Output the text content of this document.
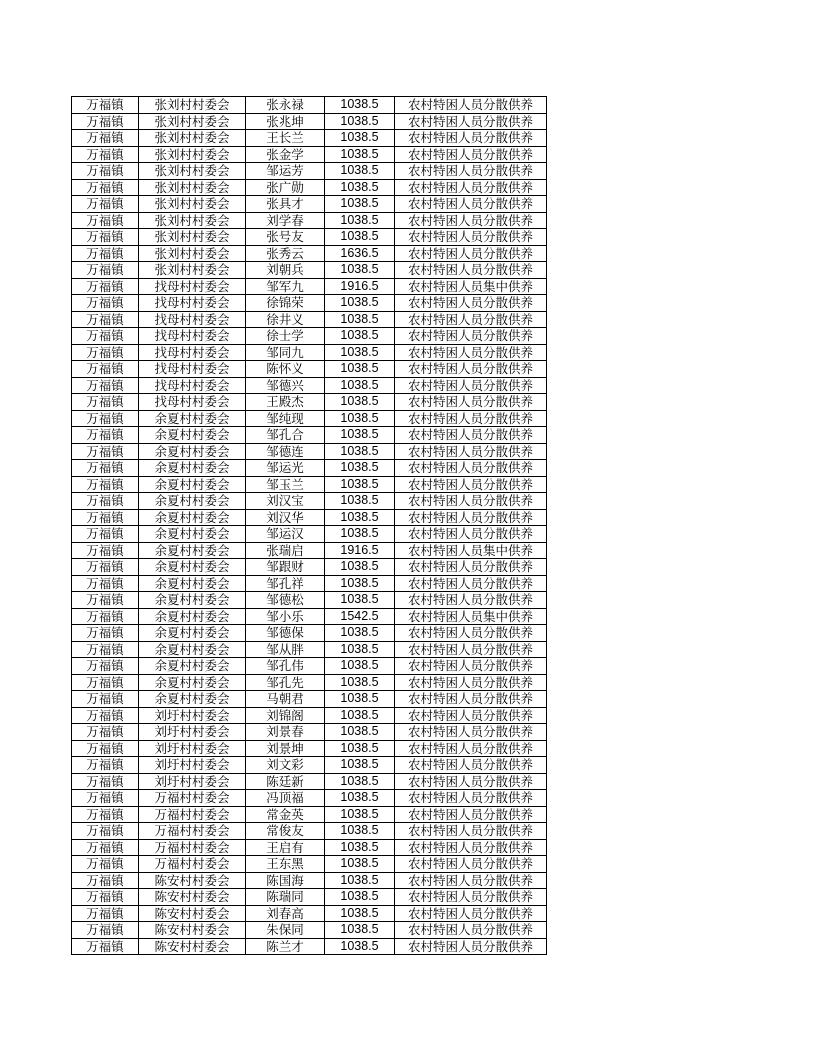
万福镇	张刘村村委会	张永禄	1038.5	农村特困人员分散供养
万福镇	张刘村村委会	张兆坤	1038.5	农村特困人员分散供养
万福镇	张刘村村委会	王长兰	1038.5	农村特困人员分散供养
万福镇	张刘村村委会	张金学	1038.5	农村特困人员分散供养
万福镇	张刘村村委会	邹运芳	1038.5	农村特困人员分散供养
万福镇	张刘村村委会	张广勋	1038.5	农村特困人员分散供养
万福镇	张刘村村委会	张具才	1038.5	农村特困人员分散供养
万福镇	张刘村村委会	刘学春	1038.5	农村特困人员分散供养
万福镇	张刘村村委会	张号友	1038.5	农村特困人员分散供养
万福镇	张刘村村委会	张秀云	1636.5	农村特困人员分散供养
万福镇	张刘村村委会	刘朝兵	1038.5	农村特困人员分散供养
万福镇	找母村村委会	邹军九	1916.5	农村特困人员集中供养
万福镇	找母村村委会	徐锦荣	1038.5	农村特困人员分散供养
万福镇	找母村村委会	徐井义	1038.5	农村特困人员分散供养
万福镇	找母村村委会	徐士学	1038.5	农村特困人员分散供养
万福镇	找母村村委会	邹同九	1038.5	农村特困人员分散供养
万福镇	找母村村委会	陈怀义	1038.5	农村特困人员分散供养
万福镇	找母村村委会	邹德兴	1038.5	农村特困人员分散供养
万福镇	找母村村委会	王殿杰	1038.5	农村特困人员分散供养
万福镇	余夏村村委会	邹纯现	1038.5	农村特困人员分散供养
万福镇	余夏村村委会	邹孔合	1038.5	农村特困人员分散供养
万福镇	余夏村村委会	邹德连	1038.5	农村特困人员分散供养
万福镇	余夏村村委会	邹运光	1038.5	农村特困人员分散供养
万福镇	余夏村村委会	邹玉兰	1038.5	农村特困人员分散供养
万福镇	余夏村村委会	刘汉宝	1038.5	农村特困人员分散供养
万福镇	余夏村村委会	刘汉华	1038.5	农村特困人员分散供养
万福镇	余夏村村委会	邹运汉	1038.5	农村特困人员分散供养
万福镇	余夏村村委会	张瑞启	1916.5	农村特困人员集中供养
万福镇	余夏村村委会	邹跟财	1038.5	农村特困人员分散供养
万福镇	余夏村村委会	邹孔祥	1038.5	农村特困人员分散供养
万福镇	余夏村村委会	邹德松	1038.5	农村特困人员分散供养
万福镇	余夏村村委会	邹小乐	1542.5	农村特困人员集中供养
万福镇	余夏村村委会	邹德保	1038.5	农村特困人员分散供养
万福镇	余夏村村委会	邹从胖	1038.5	农村特困人员分散供养
万福镇	余夏村村委会	邹孔伟	1038.5	农村特困人员分散供养
万福镇	余夏村村委会	邹孔先	1038.5	农村特困人员分散供养
万福镇	余夏村村委会	马朝君	1038.5	农村特困人员分散供养
万福镇	刘圩村村委会	刘锦阁	1038.5	农村特困人员分散供养
万福镇	刘圩村村委会	刘景春	1038.5	农村特困人员分散供养
万福镇	刘圩村村委会	刘景坤	1038.5	农村特困人员分散供养
万福镇	刘圩村村委会	刘文彩	1038.5	农村特困人员分散供养
万福镇	刘圩村村委会	陈廷新	1038.5	农村特困人员分散供养
万福镇	万福村村委会	冯顶福	1038.5	农村特困人员分散供养
万福镇	万福村村委会	常金英	1038.5	农村特困人员分散供养
万福镇	万福村村委会	常俊友	1038.5	农村特困人员分散供养
万福镇	万福村村委会	王启有	1038.5	农村特困人员分散供养
万福镇	万福村村委会	王东黑	1038.5	农村特困人员分散供养
万福镇	陈安村村委会	陈国海	1038.5	农村特困人员分散供养
万福镇	陈安村村委会	陈瑞同	1038.5	农村特困人员分散供养
万福镇	陈安村村委会	刘春高	1038.5	农村特困人员分散供养
万福镇	陈安村村委会	朱保同	1038.5	农村特困人员分散供养
万福镇	陈安村村委会	陈兰才	1038.5	农村特困人员分散供养
